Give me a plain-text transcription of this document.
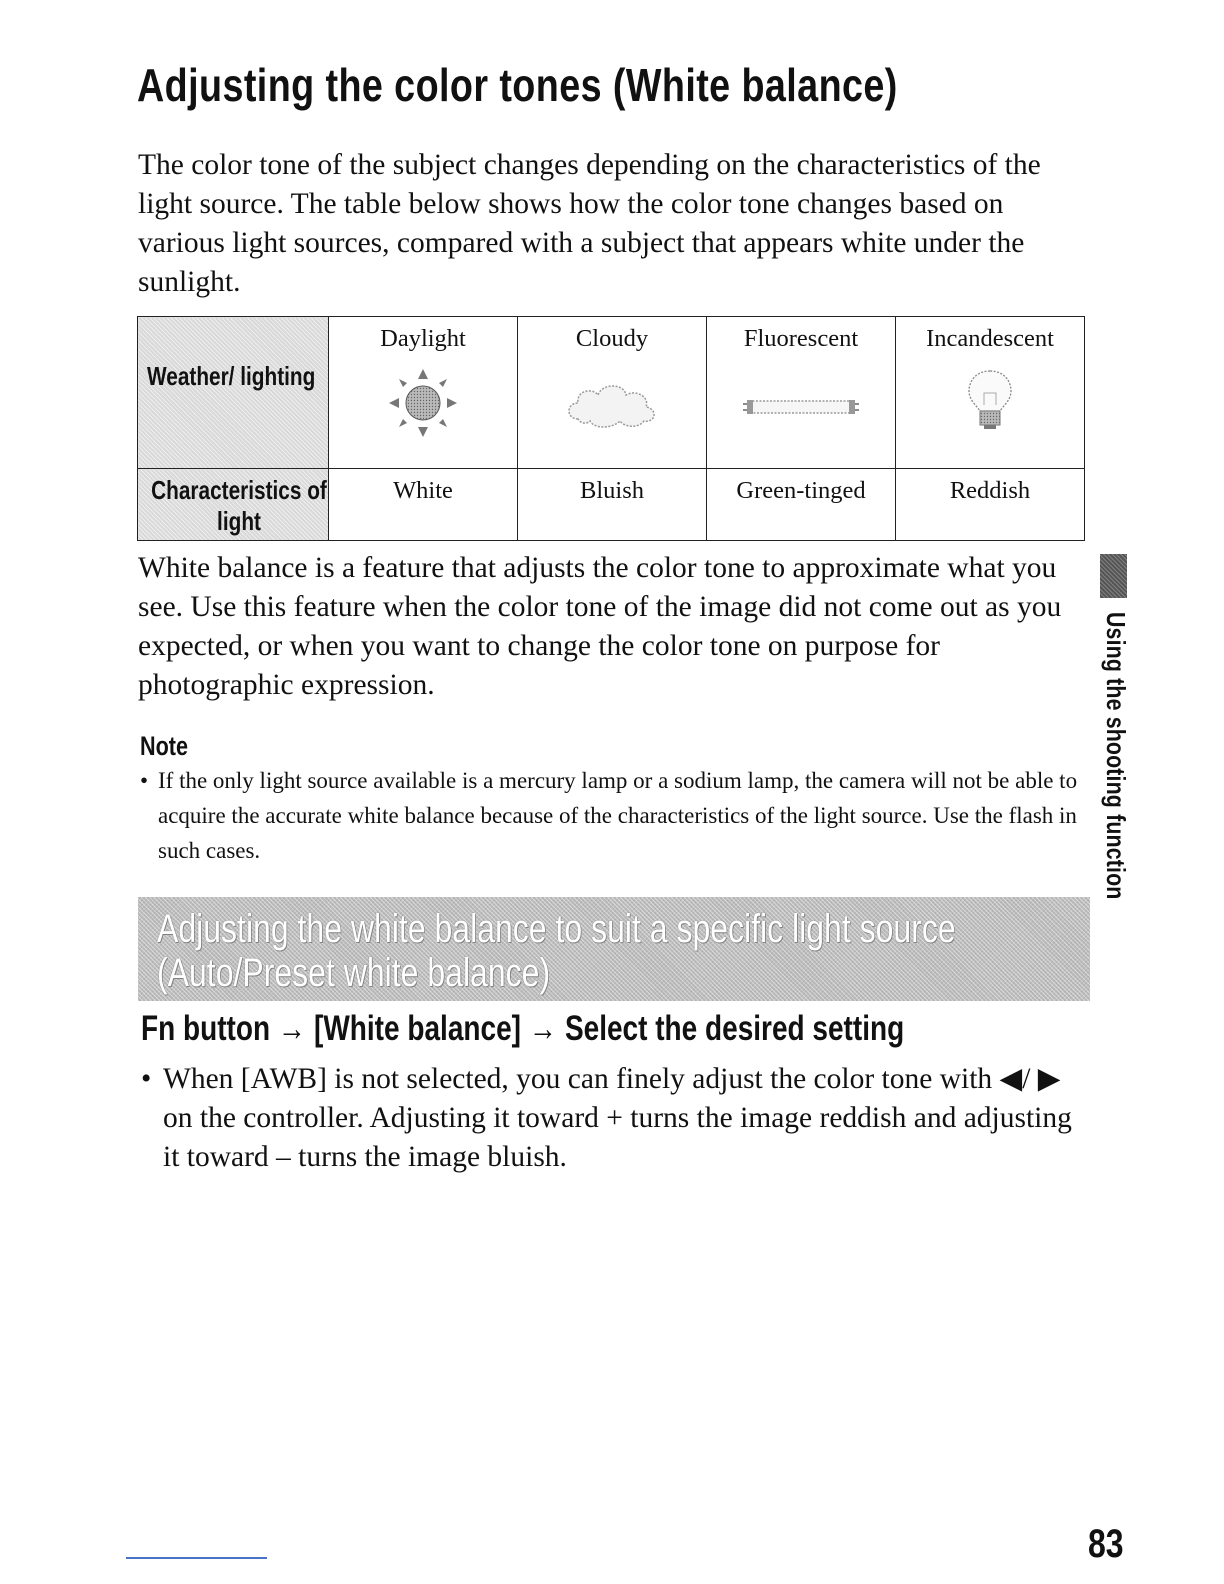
Adjusting the color tones (White balance)

The color tone of the subject changes depending on the characteristics of the light source. The table below shows how the color tone changes based on various light sources, compared with a subject that appears white under the sunlight.

Weather/ lighting	Daylight	Cloudy	Fluorescent	Incandescent

Characteristics of light	White	Bluish	Green-tinged	Reddish

White balance is a feature that adjusts the color tone to approximate what you see. Use this feature when the color tone of the image did not come out as you expected, or when you want to change the color tone on purpose for photographic expression.

Note
• If the only light source available is a mercury lamp or a sodium lamp, the camera will not be able to acquire the accurate white balance because of the characteristics of the light source. Use the flash in such cases.
Adjusting the white balance to suit a specific light source
(Auto/Preset white balance)
Fn button → [White balance] → Select the desired setting

• When [AWB] is not selected, you can finely adjust the color tone with ◀/ ▶ on the controller. Adjusting it toward + turns the image reddish and adjusting it toward – turns the image bluish.

Using the shooting function
83
